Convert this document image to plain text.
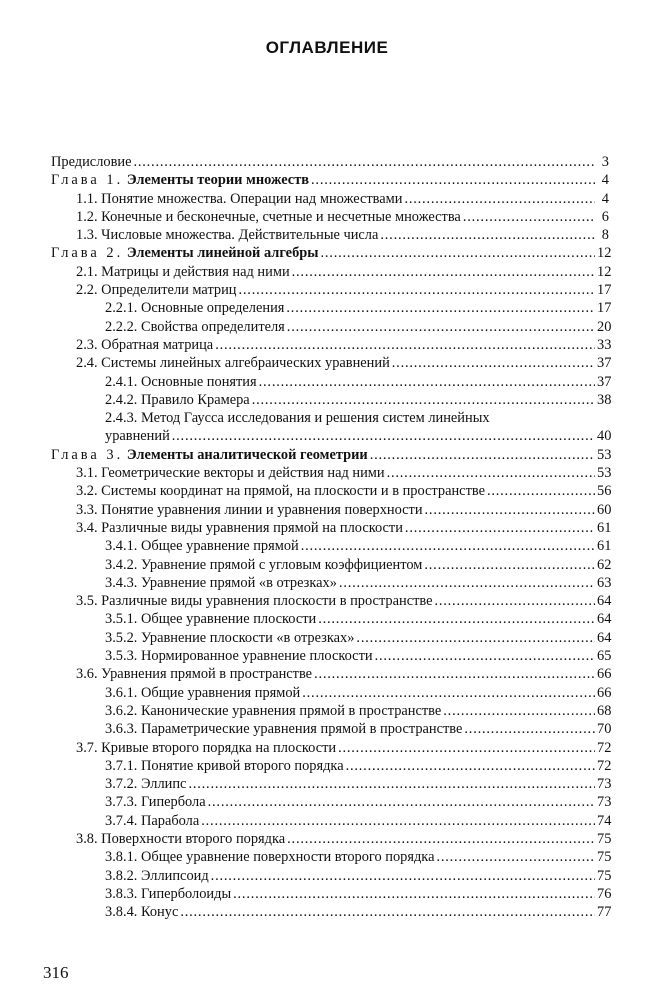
ОГЛАВЛЕНИЕ
Предисловие .....	3
Глава 1. Элементы теории множеств .....	4
1.1. Понятие множества. Операции над множествами .....	4
1.2. Конечные и бесконечные, счетные и несчетные множества .....	6
1.3. Числовые множества. Действительные числа .....	8
Глава 2. Элементы линейной алгебры .....	12
2.1. Матрицы и действия над ними .....	12
2.2. Определители матриц .....	17
2.2.1. Основные определения .....	17
2.2.2. Свойства определителя .....	20
2.3. Обратная матрица .....	33
2.4. Системы линейных алгебраических уравнений .....	37
2.4.1. Основные понятия .....	37
2.4.2. Правило Крамера .....	38
2.4.3. Метод Гаусса исследования и решения систем линейных
уравнений .....	40
Глава 3. Элементы аналитической геометрии .....	53
3.1. Геометрические векторы и действия над ними .....	53
3.2. Системы координат на прямой, на плоскости и в пространстве .....	56
3.3. Понятие уравнения линии и уравнения поверхности .....	60
3.4. Различные виды уравнения прямой на плоскости .....	61
3.4.1. Общее уравнение прямой .....	61
3.4.2. Уравнение прямой с угловым коэффициентом .....	62
3.4.3. Уравнение прямой «в отрезках» .....	63
3.5. Различные виды уравнения плоскости в пространстве .....	64
3.5.1. Общее уравнение плоскости .....	64
3.5.2. Уравнение плоскости «в отрезках» .....	64
3.5.3. Нормированное уравнение плоскости .....	65
3.6. Уравнения прямой в пространстве .....	66
3.6.1. Общие уравнения прямой .....	66
3.6.2. Канонические уравнения прямой в пространстве .....	68
3.6.3. Параметрические уравнения прямой в пространстве .....	70
3.7. Кривые второго порядка на плоскости .....	72
3.7.1. Понятие кривой второго порядка .....	72
3.7.2. Эллипс .....	73
3.7.3. Гипербола .....	73
3.7.4. Парабола .....	74
3.8. Поверхности второго порядка .....	75
3.8.1. Общее уравнение поверхности второго порядка .....	75
3.8.2. Эллипсоид .....	75
3.8.3. Гиперболоиды .....	76
3.8.4. Конус .....	77
316
